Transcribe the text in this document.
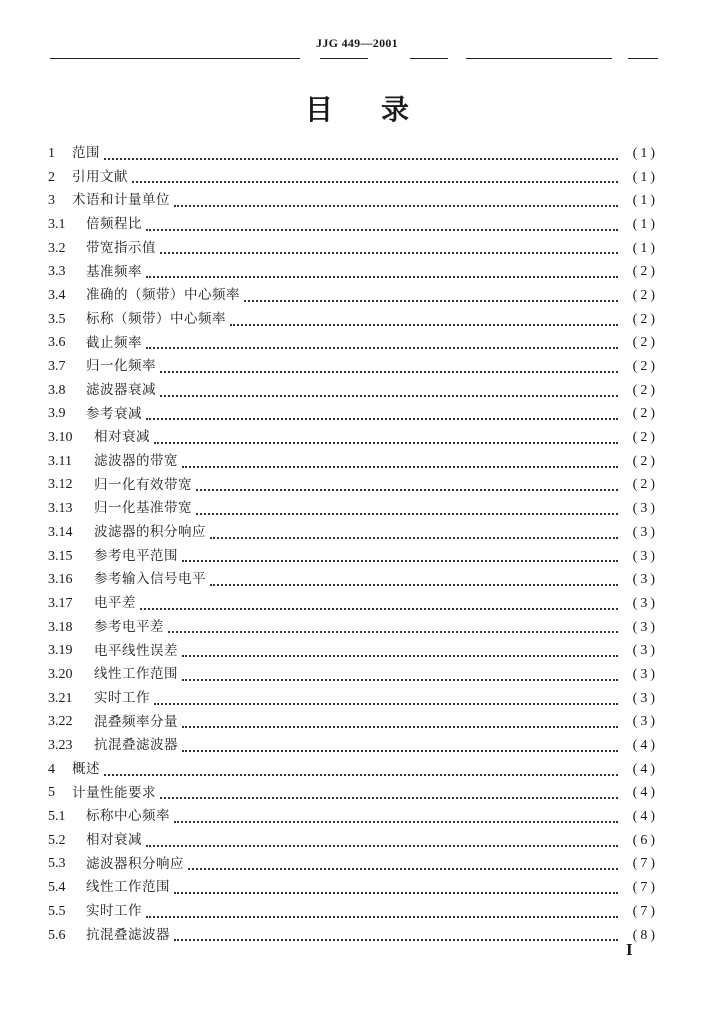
JJG 449—2001
目录
1	范围	(1)
2	引用文献	(1)
3	术语和计量单位	(1)
3.1	倍频程比	(1)
3.2	带宽指示值	(1)
3.3	基准频率	(2)
3.4	准确的（频带）中心频率	(2)
3.5	标称（频带）中心频率	(2)
3.6	截止频率	(2)
3.7	归一化频率	(2)
3.8	滤波器衰减	(2)
3.9	参考衰减	(2)
3.10	相对衰减	(2)
3.11	滤波器的带宽	(2)
3.12	归一化有效带宽	(2)
3.13	归一化基准带宽	(3)
3.14	波滤器的积分响应	(3)
3.15	参考电平范围	(3)
3.16	参考输入信号电平	(3)
3.17	电平差	(3)
3.18	参考电平差	(3)
3.19	电平线性误差	(3)
3.20	线性工作范围	(3)
3.21	实时工作	(3)
3.22	混叠频率分量	(3)
3.23	抗混叠滤波器	(4)
4	概述	(4)
5	计量性能要求	(4)
5.1	标称中心频率	(4)
5.2	相对衰减	(6)
5.3	滤波器积分响应	(7)
5.4	线性工作范围	(7)
5.5	实时工作	(7)
5.6	抗混叠滤波器	(8)
I
